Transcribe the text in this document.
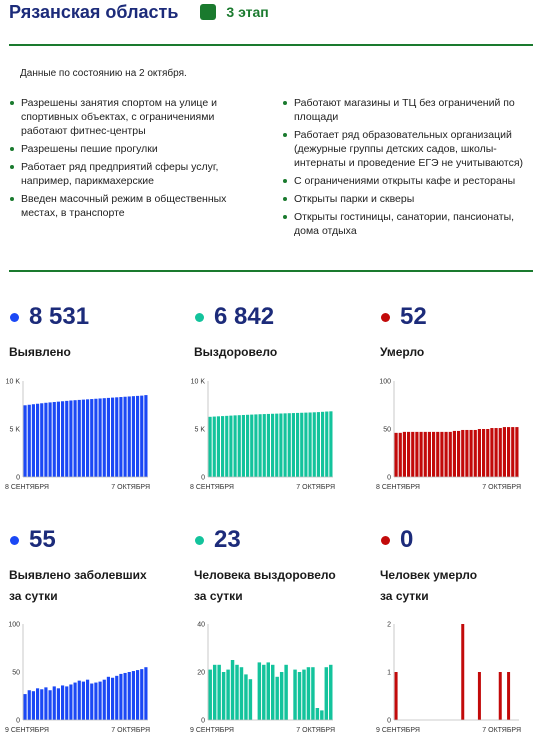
Рязанская область	3 этап
Данные по состоянию на 2 октября.
Разрешены занятия спортом на улице и спортивных объектах, с ограничениями работают фитнес-центры
Разрешены пешие прогулки
Работает ряд предприятий сферы услуг, например, парикмахерские
Введен масочный режим в общественных местах, в транспорте
Работают магазины и ТЦ без ограничений по площади
Работает ряд образовательных организаций (дежурные группы детских садов, школы-интернаты и проведение ЕГЭ не учитываются)
С ограничениями открыты кафе и рестораны
Открыты парки и скверы
Открыты гостиницы, санатории, пансионаты, дома отдыха
8 531
Выявлено
6 842
Выздоровело
52
Умерло
55
Выявлено заболевших
за сутки
23
Человека выздоровело
за сутки
0
Человек умерло
за сутки
0
5 K
10 K
8 СЕНТЯБРЯ	7 ОКТЯБРЯ
0
5 K
10 K
8 СЕНТЯБРЯ	7 ОКТЯБРЯ
0
50
100
8 СЕНТЯБРЯ	7 ОКТЯБРЯ
0
50
100
9 СЕНТЯБРЯ	7 ОКТЯБРЯ
0
20
40
9 СЕНТЯБРЯ	7 ОКТЯБРЯ
0
1
2
9 СЕНТЯБРЯ	7 ОКТЯБРЯ
